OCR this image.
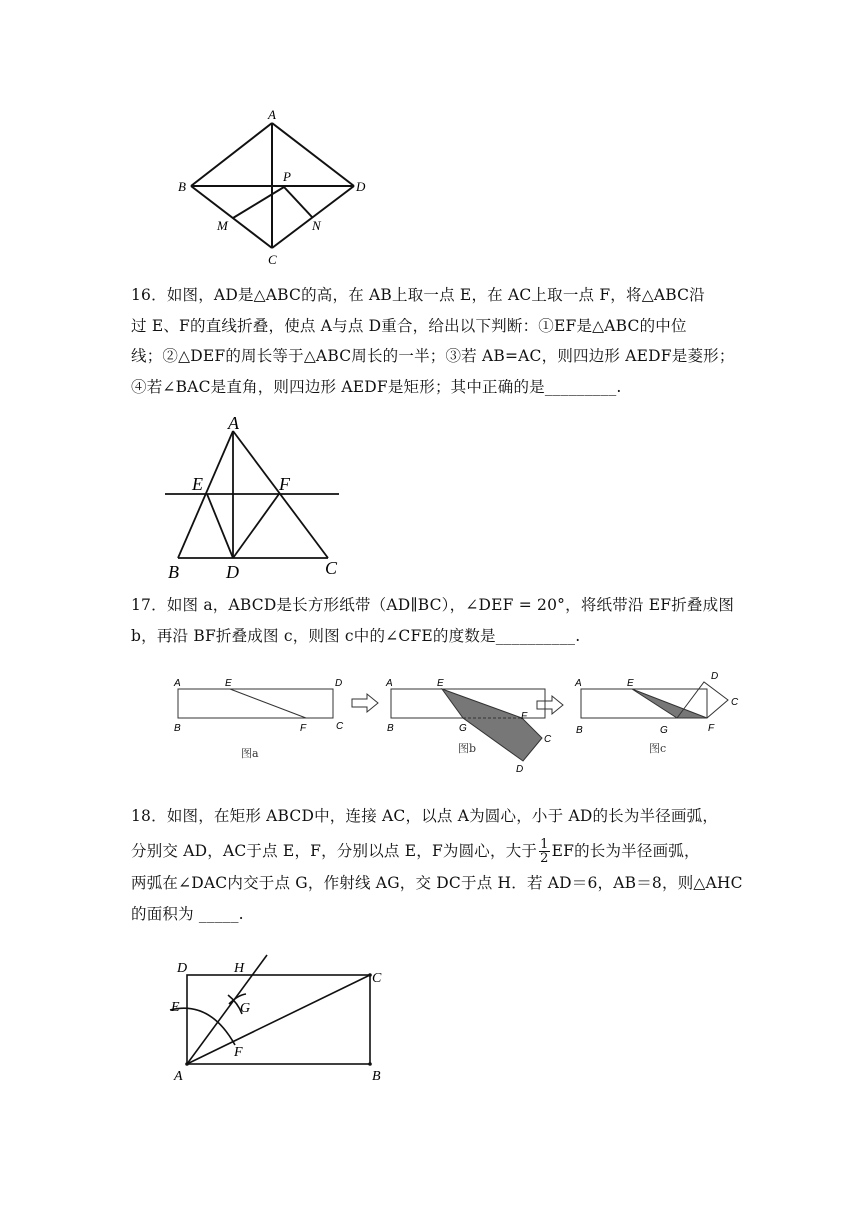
A
B	D
P
M	N
C

16．如图，AD是△ABC的高，在 AB上取一点 E，在 AC上取一点 F，将△ABC沿

过 E、F的直线折叠，使点 A与点 D重合，给出以下判断：①EF是△ABC的中位

线；②△DEF的周长等于△ABC周长的一半；③若 AB=AC，则四边形 AEDF是菱形；

④若∠BAC是直角，则四边形 AEDF是矩形；其中正确的是_________.

A
E	F
B	D	C

17．如图 a，ABCD是长方形纸带（AD∥BC），∠DEF = 20°，将纸带沿 EF折叠成图

b，再沿 BF折叠成图 c，则图 c中的∠CFE的度数是__________.

A	E	D
B	F	C
A	E
B	G
F
C
D
A	E
D
C
B	G	F
图a	图b	图c

18．如图，在矩形 ABCD中，连接 AC，以点 A为圆心，小于 AD的长为半径画弧，

分别交 AD，AC于点 E，F，分别以点 E，F为圆心，大于 $\frac{1}{2}$ EF的长为半径画弧，

两弧在∠DAC内交于点 G，作射线 AG，交 DC于点 H．若 AD＝6，AB＝8，则△AHC

的面积为 _____.

D	H
C
E	G
F
A	B
